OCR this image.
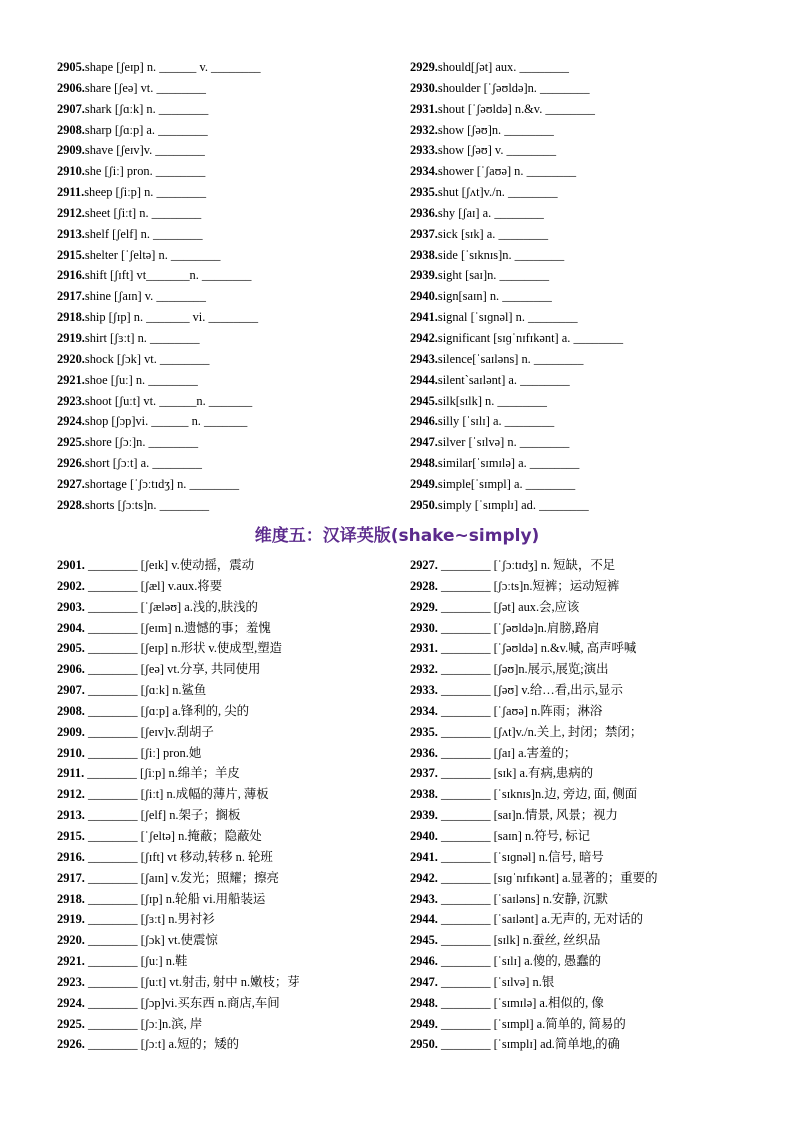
2905.shape [ʃeɪp] n. ______ v. ________
2906.share [ʃeə] vt. ________
2907.shark [ʃɑːk] n. ________
2908.sharp [ʃɑːp] a. ________
2909.shave [ʃeɪv]v. ________
2910.she [ʃiː] pron. ________
2911.sheep [ʃiːp] n. ________
2912.sheet [ʃiːt] n. ________
2913.shelf [ʃelf] n. ________
2915.shelter [ˈʃeltə] n. ________
2916.shift [ʃɪft] vt_______n. ________
2917.shine [ʃaɪn] v. ________
2918.ship [ʃɪp] n. _______ vi. ________
2919.shirt [ʃɜːt] n. ________
2920.shock [ʃɔk] vt. ________
2921.shoe [ʃuː] n. ________
2923.shoot [ʃuːt] vt. ______n. _______
2924.shop [ʃɔp]vi. ______ n. _______
2925.shore [ʃɔː]n. ________
2926.short [ʃɔːt] a. ________
2927.shortage [ˈʃɔːtɪdʒ] n. ________
2928.shorts [ʃɔːts]n. ________
2929.should[ʃət] aux. ________
2930.shoulder [ˈʃəʊldə]n. ________
2931.shout [ˈʃəʊldə] n.&v. ________
2932.show [ʃəʊ]n. ________
2933.show [ʃəʊ] v. ________
2934.shower [ˈʃaʊə] n. ________
2935.shut [ʃʌt]v./n. ________
2936.shy [ʃaɪ] a. ________
2937.sick [sɪk] a. ________
2938.side [ˈsɪknɪs]n. ________
2939.sight [saɪ]n. ________
2940.sign[saɪn] n. ________
2941.signal [ˈsɪɡnəl] n. ________
2942.significant [sɪɡˈnɪfɪkənt] a. ________
2943.silence[ˈsaɪləns] n. ________
2944.silent`saɪlənt] a. ________
2945.silk[sɪlk] n. ________
2946.silly [ˈsɪlɪ] a. ________
2947.silver [ˈsɪlvə] n. ________
2948.similar[ˈsɪmɪlə] a. ________
2949.simple[ˈsɪmpl] a. ________
2950.simply [ˈsɪmplɪ] ad. ________
维度五：汉译英版(shake~simply)
2901. ________ [ʃeɪk] v.使动摇，震动
2902. ________ [ʃæl] v.aux.将要
2903. ________ [ˈʃæləʊ] a.浅的,肤浅的
2904. ________ [ʃeɪm] n.遗憾的事；羞愧
2905. ________ [ʃeɪp] n.形状 v.使成型,塑造
2906. ________ [ʃeə] vt.分享, 共同使用
2907. ________ [ʃɑːk] n.鲨鱼
2908. ________ [ʃɑːp] a.锋利的, 尖的
2909. ________ [ʃeɪv]v.刮胡子
2910. ________ [ʃiː] pron.她
2911. ________ [ʃiːp] n.绵羊；羊皮
2912. ________ [ʃiːt] n.成幅的薄片, 薄板
2913. ________ [ʃelf] n.架子；搁板
2915. ________ [ˈʃeltə] n.掩蔽；隐蔽处
2916. ________ [ʃɪft] vt 移动,转移 n. 轮班
2917. ________ [ʃaɪn] v.发光；照耀；擦亮
2918. ________ [ʃɪp] n.轮船 vi.用船装运
2919. ________ [ʃɜːt] n.男衬衫
2920. ________ [ʃɔk] vt.使震惊
2921. ________ [ʃuː] n.鞋
2923. ________ [ʃuːt] vt.射击, 射中 n.嫩枝；芽
2924. ________ [ʃɔp]vi.买东西 n.商店,车间
2925. ________ [ʃɔː]n.滨, 岸
2926. ________ [ʃɔːt] a.短的；矮的
2927. ________ [ˈʃɔːtɪdʒ] n. 短缺，不足
2928. ________ [ʃɔːts]n.短裤；运动短裤
2929. ________ [ʃət] aux.会,应该
2930. ________ [ˈʃəʊldə]n.肩膀,路肩
2931. ________ [ˈʃəʊldə] n.&v.喊, 高声呼喊
2932. ________ [ʃəʊ]n.展示,展览;演出
2933. ________ [ʃəʊ] v.给…看,出示,显示
2934. ________ [ˈʃaʊə] n.阵雨；淋浴
2935. ________ [ʃʌt]v./n.关上, 封闭；禁闭；
2936. ________ [ʃaɪ] a.害羞的；
2937. ________ [sɪk] a.有病,患病的
2938. ________ [ˈsɪknɪs]n.边, 旁边, 面, 侧面
2939. ________ [saɪ]n.情景, 风景；视力
2940. ________ [saɪn] n.符号, 标记
2941. ________ [ˈsɪɡnəl] n.信号, 暗号
2942. ________ [sɪɡˈnɪfɪkənt] a.显著的；重要的
2943. ________ [ˈsaɪləns] n.安静, 沉默
2944. ________ [ˈsaɪlənt] a.无声的, 无对话的
2945. ________ [sɪlk] n.蚕丝, 丝织品
2946. ________ [ˈsɪlɪ] a.傻的, 愚蠢的
2947. ________ [ˈsɪlvə] n.银
2948. ________ [ˈsɪmɪlə] a.相似的, 像
2949. ________ [ˈsɪmpl] a.简单的, 简易的
2950. ________ [ˈsɪmplɪ] ad.简单地,的确
